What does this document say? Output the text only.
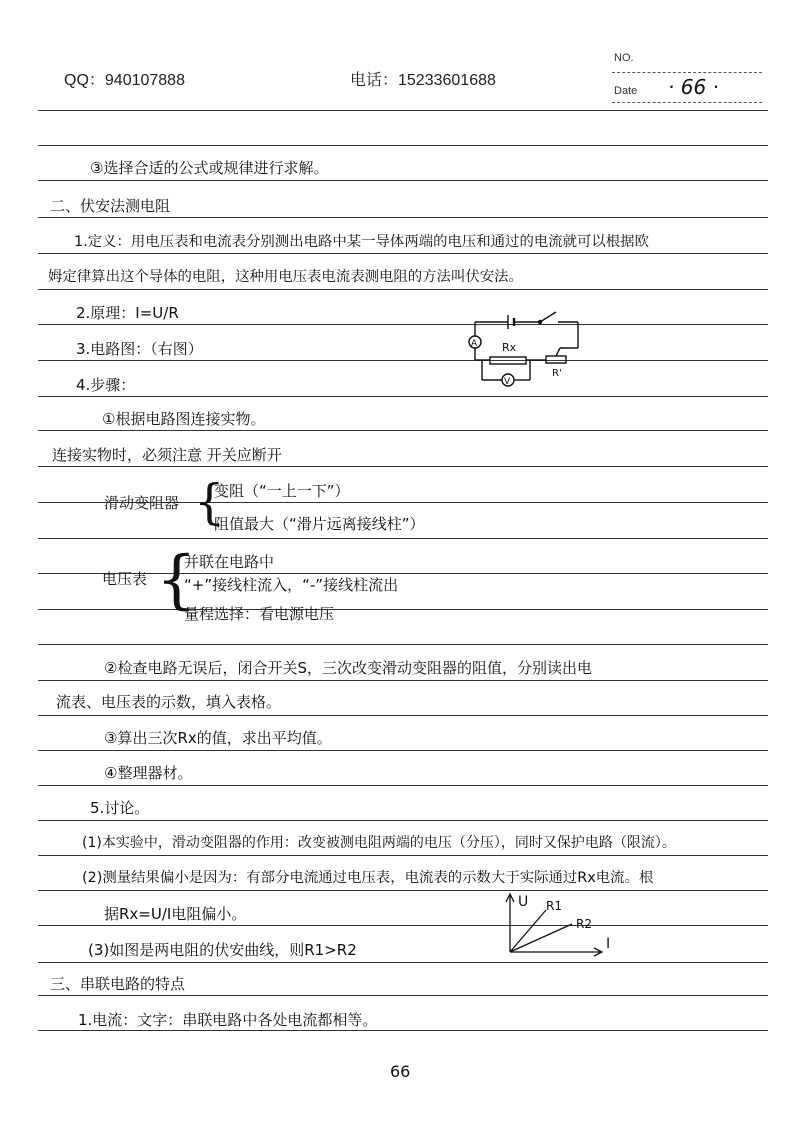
QQ：940107888	电话：15233601688
NO.
Date · 66 ·
③选择合适的公式或规律进行求解。
二、伏安法测电阻
1.定义：用电压表和电流表分别测出电路中某一导体两端的电压和通过的电流就可以根据欧
姆定律算出这个导体的电阻，这种用电压表电流表测电阻的方法叫伏安法。
2.原理：I=U/R
3.电路图：（右图）
4.步骤：
①根据电路图连接实物。
连接实物时，必须注意 开关应断开
滑动变阻器 {
变阻（“一上一下”）
阻值最大（“滑片远离接线柱”）
电压表 {
并联在电路中
“+”接线柱流入，“-”接线柱流出
量程选择：看电源电压
②检查电路无误后，闭合开关S，三次改变滑动变阻器的阻值，分别读出电
流表、电压表的示数，填入表格。
③算出三次Rx的值，求出平均值。
④整理器材。
5.讨论。
(1)本实验中，滑动变阻器的作用：改变被测电阻两端的电压（分压），同时又保护电路（限流）。
(2)测量结果偏小是因为：有部分电流通过电压表，电流表的示数大于实际通过Rx电流。根
据Rx=U/I电阻偏小。
(3)如图是两电阻的伏安曲线，则R1>R2
三、串联电路的特点
1.电流：文字：串联电路中各处电流都相等。
A Rx
V
R'
U R1
R2
I
66
